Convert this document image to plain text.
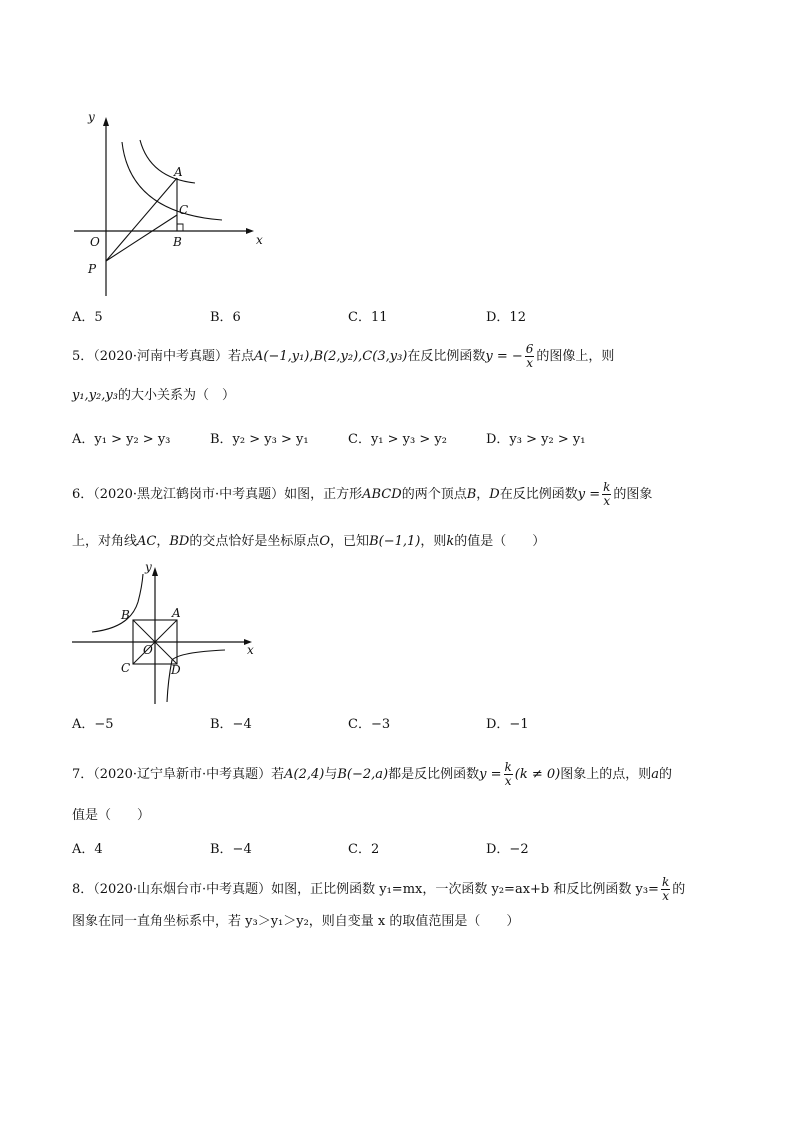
y
x
O
P
A
C
B
A．5	B．6	C．11	D．12
5．（2020·河南中考真题）若点A(−1,y₁),B(2,y₂),C(3,y₃)在反比例函数y = − $\frac{6}{x}$ 的图像上，则
y₁,y₂,y₃的大小关系为（　）
A．y₁ > y₂ > y₃	B．y₂ > y₃ > y₁	C．y₁ > y₃ > y₂	D．y₃ > y₂ > y₁
6．（2020·黑龙江鹤岗市·中考真题）如图，正方形ABCD的两个顶点B，D在反比例函数$y = \frac{k}{x}$ 的图象
上，对角线AC，BD的交点恰好是坐标原点O，已知B(−1,1)，则k的值是（　　）
y
x
A
B
C	D
O
A．−5	B．−4	C．−3	D．−1
7．（2020·辽宁阜新市·中考真题）若A(2,4)与B(−2,a)都是反比例函数$y = \frac{k}{x} (k \ne 0)$图象上的点，则a的
值是（　　）
A．4	B．−4	C．2	D．−2
8．（2020·山东烟台市·中考真题）如图，正比例函数 y₁=mx，一次函数 y₂=ax+b 和反比例函数 $y_3= \frac{k}{x}$ 的
图象在同一直角坐标系中，若 y₃＞y₁＞y₂，则自变量 x 的取值范围是（　　）
